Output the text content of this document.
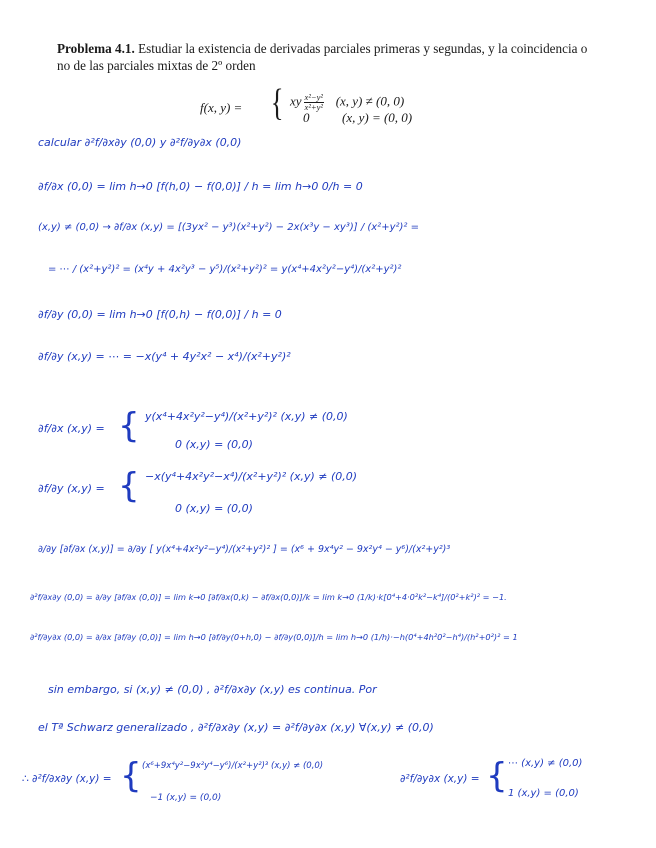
Problema 4.1. Estudiar la existencia de derivadas parciales primeras y segundas, y la coincidencia o no de las parciales mixtas de 2º orden
f(x, y) = { xy $\frac{\text{x²−y²}}{\text{x²+y²}} (x$, y) ≠ (0, 0)
0	(x, y) = (0, 0)
calcular ∂²f/∂x∂y (0,0) y ∂²f/∂y∂x (0,0)
∂f/∂x (0,0) = lim h→0 [f(h,0) − f(0,0)] / h = lim h→0 0/h = 0
(x,y) ≠ (0,0) → ∂f/∂x (x,y) = [(3yx² − y³)(x²+y²) − 2x(x³y − xy³)] / (x²+y²)² =
= ⋯ / (x²+y²)² = (x⁴y + 4x²y³ − y⁵)/(x²+y²)² = y(x⁴+4x²y²−y⁴)/(x²+y²)²
∂f/∂y (0,0) = lim h→0 [f(0,h) − f(0,0)] / h = 0
∂f/∂y (x,y) = ⋯ = −x(y⁴ + 4y²x² − x⁴)/(x²+y²)²
∂f/∂x (x,y) = { y(x⁴+4x²y²−y⁴)/(x²+y²)² (x,y) ≠ (0,0)
0 (x,y) = (0,0)
∂f/∂y (x,y) = { −x(y⁴+4x²y²−x⁴)/(x²+y²)² (x,y) ≠ (0,0)
0 (x,y) = (0,0)
∂/∂y [∂f/∂x (x,y)] = ∂/∂y [ y(x⁴+4x²y²−y⁴)/(x²+y²)² ] = (x⁶ + 9x⁴y² − 9x²y⁴ − y⁶)/(x²+y²)³
∂²f/∂x∂y (0,0) = ∂/∂y [∂f/∂x (0,0)] = lim k→0 [∂f/∂x(0,k) − ∂f/∂x(0,0)]/k = lim k→0 (1/k)·k[0⁴+4·0²k²−k⁴]/(0²+k²)² = −1.
∂²f/∂y∂x (0,0) = ∂/∂x [∂f/∂y (0,0)] = lim h→0 [∂f/∂y(0+h,0) − ∂f/∂y(0,0)]/h = lim h→0 (1/h)·−h(0⁴+4h²0²−h⁴)/(h²+0²)² = 1
sin embargo, si (x,y) ≠ (0,0) , ∂²f/∂x∂y (x,y) es continua. Por
el Tª Schwarz generalizado , ∂²f/∂x∂y (x,y) = ∂²f/∂y∂x (x,y) ∀(x,y) ≠ (0,0)
∴ ∂²f/∂x∂y (x,y) = { (x⁶+9x⁴y²−9x²y⁴−y⁶)/(x²+y²)³ (x,y) ≠ (0,0)
−1 (x,y) = (0,0)
∂²f/∂y∂x (x,y) = { ⋯ (x,y) ≠ (0,0)
1 (x,y) = (0,0)
